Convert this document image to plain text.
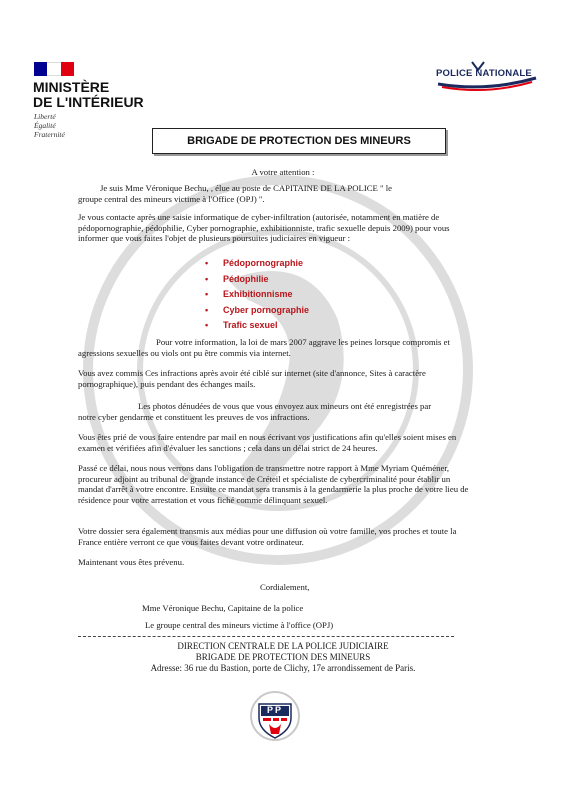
MINISTÈRE
DE L'INTÉRIEUR
Liberté
Égalité
Fraternité
POLICE NATIONALE
BRIGADE DE PROTECTION DES MINEURS
A votre attention :
Je suis Mme Véronique Bechu, , élue au poste de CAPITAINE DE LA POLICE " le
groupe central des mineurs victime à l'Office (OPJ) ".
Je vous contacte après une saisie informatique de cyber-infiltration (autorisée, notamment en matière de pédopornographie, pédophilie, Cyber pornographie, exhibitionniste, trafic sexuelle depuis 2009) pour vous informer que vous faites l'objet de plusieurs poursuites judiciaires en vigueur :
• Pédopornographie
• Pédophilie
• Exhibitionnisme
• Cyber pornographie
• Trafic sexuel
Pour votre information, la loi de mars 2007 aggrave les peines lorsque compromis et
agressions sexuelles ou viols ont pu être commis via internet.
Vous avez commis Ces infractions après avoir été ciblé sur internet (site d'annonce, Sites à caractère pornographique), puis pendant des échanges mails.
Les photos dénudées de vous que vous envoyez aux mineurs ont été enregistrées par
notre cyber gendarme et constituent les preuves de vos infractions.
Vous êtes prié de vous faire entendre par mail en nous écrivant vos justifications afin qu'elles soient mises en examen et vérifiées afin d'évaluer les sanctions ; cela dans un délai strict de 24 heures.
Passé ce délai, nous nous verrons dans l'obligation de transmettre notre rapport à Mme Myriam Quéméner, procureur adjoint au tribunal de grande instance de Créteil et spécialiste de cybercriminalité pour établir un mandat d'arrêt à votre encontre. Ensuite ce mandat sera transmis à la gendarmerie la plus proche de votre lieu de résidence pour votre arrestation et vous fiché comme délinquant sexuel.
Votre dossier sera également transmis aux médias pour une diffusion où votre famille, vos proches et toute la France entière verront ce que vous faites devant votre ordinateur.
Maintenant vous êtes prévenu.
Cordialement,
Mme Véronique Bechu, Capitaine de la police
Le groupe central des mineurs victime à l'office (OPJ)
DIRECTION CENTRALE DE LA POLICE JUDICIAIRE
BRIGADE DE PROTECTION DES MINEURS
Adresse: 36 rue du Bastion, porte de Clichy, 17e arrondissement de Paris.
PP
